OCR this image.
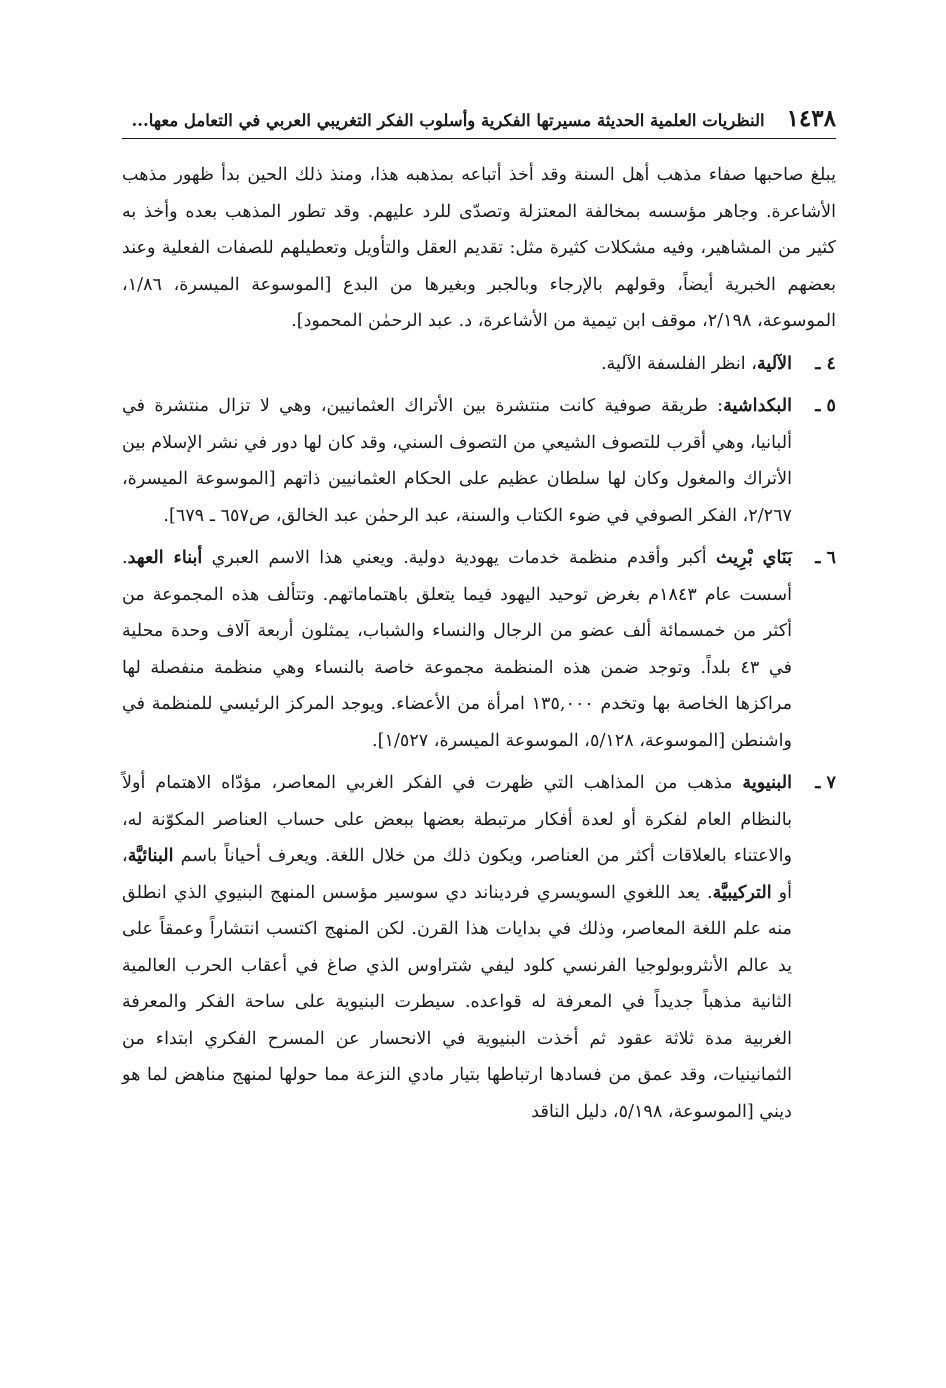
١٤٣٨
النظريات العلمية الحديثة مسيرتها الفكرية وأسلوب الفكر التغريبي العربي في التعامل معها...

يبلغ صاحبها صفاء مذهب أهل السنة وقد أخذ أتباعه بمذهبه هذا، ومنذ ذلك الحين بدأ ظهور مذهب الأشاعرة. وجاهر مؤسسه بمخالفة المعتزلة وتصدّى للرد عليهم. وقد تطور المذهب بعده وأخذ به كثير من المشاهير، وفيه مشكلات كثيرة مثل: تقديم العقل والتأويل وتعطيلهم للصفات الفعلية وعند بعضهم الخبرية أيضاً، وقولهم بالإرجاء وبالجبر وبغيرها من البدع [الموسوعة الميسرة، ١/٨٦، الموسوعة، ٢/١٩٨، موقف ابن تيمية من الأشاعرة، د. عبد الرحمٰن المحمود].

٤ ـ
الآلية، انظر الفلسفة الآلية.
٥ ـ
البكداشية: طريقة صوفية كانت منتشرة بين الأتراك العثمانيين، وهي لا تزال منتشرة في ألبانيا، وهي أقرب للتصوف الشيعي من التصوف السني، وقد كان لها دور في نشر الإسلام بين الأتراك والمغول وكان لها سلطان عظيم على الحكام العثمانيين ذاتهم [الموسوعة الميسرة، ٢/٢٦٧، الفكر الصوفي في ضوء الكتاب والسنة، عبد الرحمٰن عبد الخالق، ص٦٥٧ ـ ٦٧٩].
٦ ـ
بَنَاي بْرِيث أكبر وأقدم منظمة خدمات يهودية دولية. ويعني هذا الاسم العبري أبناء العهد. أسست عام ١٨٤٣م بغرض توحيد اليهود فيما يتعلق باهتماماتهم. وتتألف هذه المجموعة من أكثر من خمسمائة ألف عضو من الرجال والنساء والشباب، يمثلون أربعة آلاف وحدة محلية في ٤٣ بلداً. وتوجد ضمن هذه المنظمة مجموعة خاصة بالنساء وهي منظمة منفصلة لها مراكزها الخاصة بها وتخدم ١٣٥,٠٠٠ امرأة من الأعضاء. ويوجد المركز الرئيسي للمنظمة في واشنطن [الموسوعة، ٥/١٢٨، الموسوعة الميسرة، ١/٥٢٧].
٧ ـ
البنيوية مذهب من المذاهب التي ظهرت في الفكر الغربي المعاصر، مؤدّاه الاهتمام أولاً بالنظام العام لفكرة أو لعدة أفكار مرتبطة بعضها ببعض على حساب العناصر المكوّنة له، والاعتناء بالعلاقات أكثر من العناصر، ويكون ذلك من خلال اللغة. ويعرف أحياناً باسم البنائيَّة، أو التركيبيَّة. يعد اللغوي السويسري فرديناند دي سوسير مؤسس المنهج البنيوي الذي انطلق منه علم اللغة المعاصر، وذلك في بدايات هذا القرن. لكن المنهج اكتسب انتشاراً وعمقاً على يد عالم الأنثروبولوجيا الفرنسي كلود ليفي شتراوس الذي صاغ في أعقاب الحرب العالمية الثانية مذهباً جديداً في المعرفة له قواعده. سيطرت البنيوية على ساحة الفكر والمعرفة الغربية مدة ثلاثة عقود ثم أخذت البنيوية في الانحسار عن المسرح الفكري ابتداء من الثمانينيات، وقد عمق من فسادها ارتباطها بتيار مادي النزعة مما حولها لمنهج مناهض لما هو ديني [الموسوعة، ٥/١٩٨، دليل الناقد
